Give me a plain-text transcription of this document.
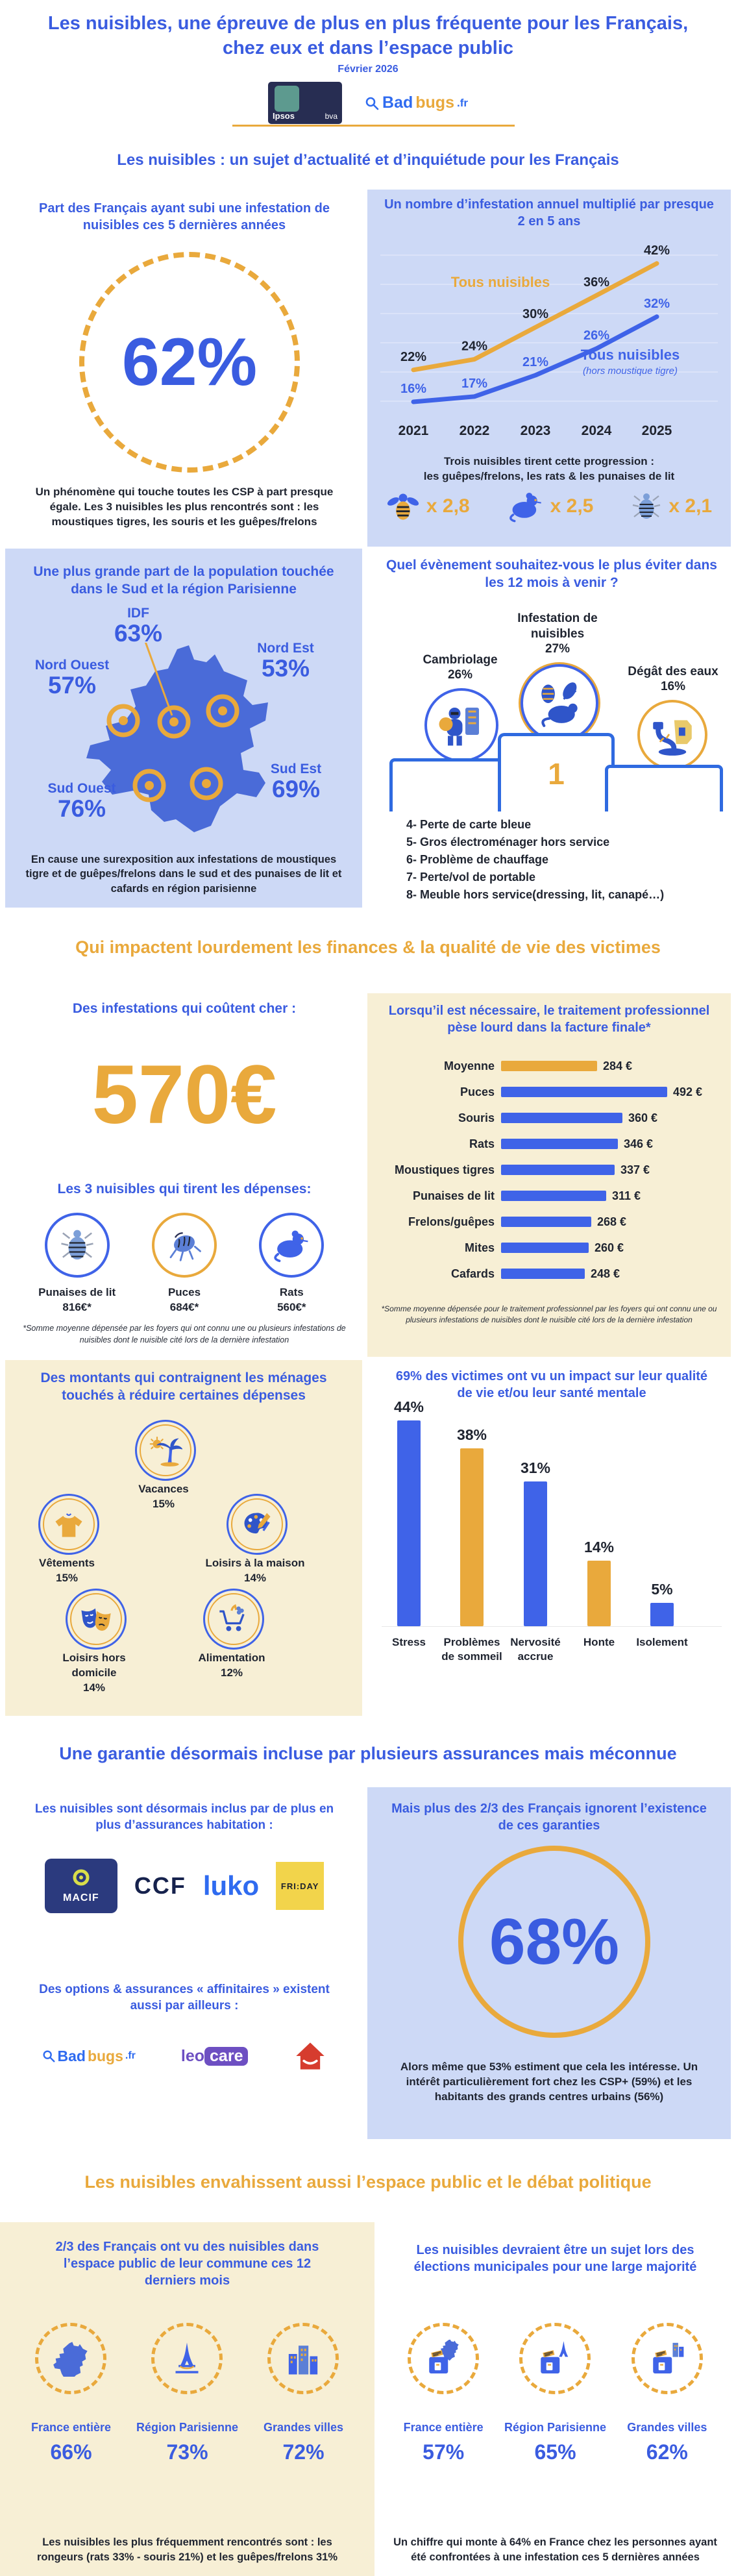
Les nuisibles, une épreuve de plus en plus fréquente pour les Français, chez eux et dans l’espace public
Février 2026
Ipsos	bva
Bad bugs .fr
Les nuisibles : un sujet d’actualité et d’inquiétude pour les Français
Part des Français ayant subi une infestation de nuisibles ces 5 dernières années
62%
Un phénomène qui touche toutes les CSP à part presque égale. Les 3 nuisibles les plus rencontrés sont : les moustiques tigres, les souris et les guêpes/frelons
Un nombre d’infestation annuel multiplié par presque 2 en 5 ans
22%
24%
30%
36%
42%
16%	17%
21%
26%
32%
2021 2022 2023 2024 2025
Tous nuisibles
Tous nuisibles
(hors moustique tigre)
Trois nuisibles tirent cette progression :
les guêpes/frelons, les rats & les punaises de lit
x 2,8	x 2,5	x 2,1
Une plus grande part de la population touchée dans le Sud et la région Parisienne
IDF
63%
Nord Ouest
57%
Nord Est
53%
Sud Ouest
76%
Sud Est
69%
En cause une surexposition aux infestations de moustiques tigre et de guêpes/frelons dans le sud et des punaises de lit et cafards en région parisienne
Quel évènement souhaitez-vous le plus éviter dans les 12 mois à venir ?
Infestation de nuisibles
27%
Cambriolage
26%	Dégât des eaux
16%
1
4- Perte de carte bleue
5- Gros électroménager hors service
6- Problème de chauffage
7- Perte/vol de portable
8- Meuble hors service(dressing, lit, canapé…)
Qui impactent lourdement les finances & la qualité de vie des victimes
Des infestations qui coûtent cher :
570€
Les 3 nuisibles qui tirent les dépenses:
Punaises de lit
816€*
Puces
684€*
Rats
560€*
*Somme moyenne dépensée par les foyers qui ont connu une ou plusieurs infestations de nuisibles dont le nuisible cité lors de la dernière infestation
Lorsqu’il est nécessaire, le traitement professionnel pèse lourd dans la facture finale*
Moyenne	284 €
Puces	492 €
Souris	360 €
Rats	346 €
Moustiques tigres	337 €
Punaises de lit	311 €
Frelons/guêpes	268 €
Mites	260 €
Cafards	248 €
*Somme moyenne dépensée pour le traitement professionnel par les foyers qui ont connu une ou plusieurs infestations de nuisibles dont le nuisible cité lors de la dernière infestation
Des montants qui contraignent les ménages touchés à réduire certaines dépenses
Vacances
15%
Vêtements
15%
Loisirs à la maison
14%
Loisirs hors domicile
14%
Alimentation
12%
69% des victimes ont vu un impact sur leur qualité de vie et/ou leur santé mentale
44%
Stress
38%
Problèmes de sommeil
31%
Nervosité accrue
14%
Honte
5%
Isolement
Une garantie désormais incluse par plusieurs assurances mais méconnue
Les nuisibles sont désormais inclus par de plus en plus d’assurances habitation :
MACIF CCF luko	FRI:DAY
Des options & assurances « affinitaires » existent aussi par ailleurs :
Bad bugs .fr	leo care
Mais plus des 2/3 des Français ignorent l’existence de ces garanties
68%
Alors même que 53% estiment que cela les intéresse. Un intérêt particulièrement fort chez les CSP+ (59%) et les habitants des grands centres urbains (56%)
Les nuisibles envahissent aussi l’espace public et le débat politique
2/3 des Français ont vu des nuisibles dans l’espace public de leur commune ces 12 derniers mois
France entière
66%
Région Parisienne
73%
Grandes villes
72%
Les nuisibles les plus fréquemment rencontrés sont : les rongeurs (rats 33% - souris 21%) et les guêpes/frelons 31%
Les nuisibles devraient être un sujet lors des élections municipales pour une large majorité
France entière
57%
Région Parisienne
65%
Grandes villes
62%
Un chiffre qui monte à 64% en France chez les personnes ayant été confrontées à une infestation ces 5 dernières années
